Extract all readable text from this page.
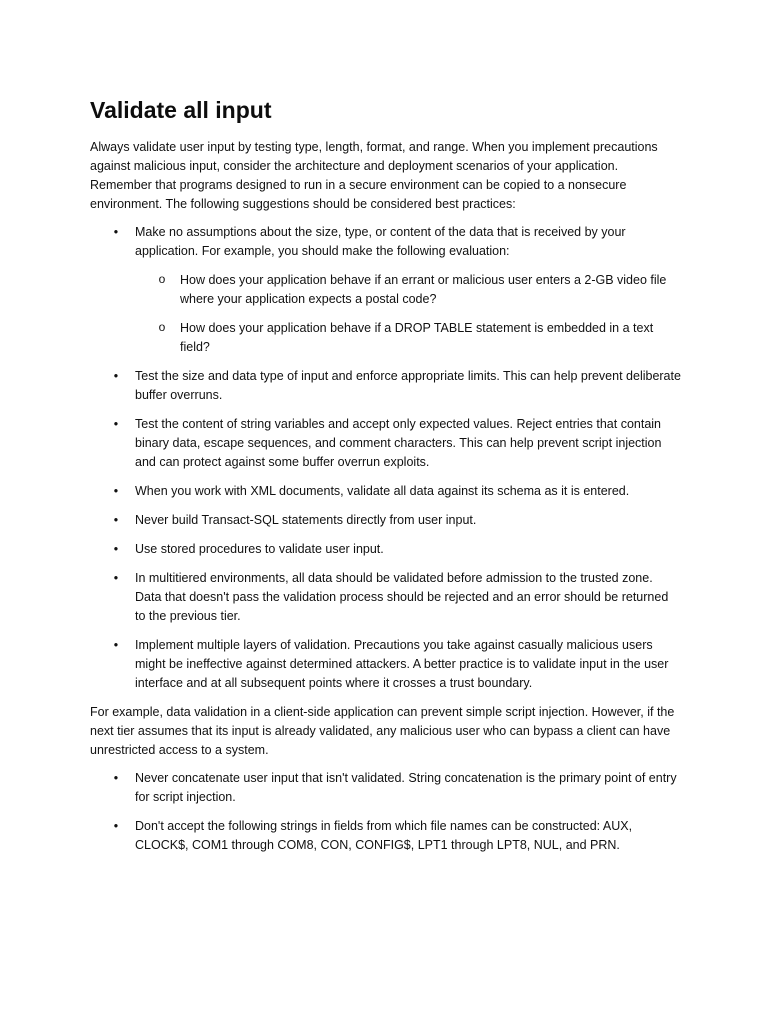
Validate all input

Always validate user input by testing type, length, format, and range. When you implement precautions against malicious input, consider the architecture and deployment scenarios of your application. Remember that programs designed to run in a secure environment can be copied to a nonsecure environment. The following suggestions should be considered best practices:

• Make no assumptions about the size, type, or content of the data that is received by your application. For example, you should make the following evaluation:
o How does your application behave if an errant or malicious user enters a 2-GB video file where your application expects a postal code?
o How does your application behave if a DROP TABLE statement is embedded in a text field?
• Test the size and data type of input and enforce appropriate limits. This can help prevent deliberate buffer overruns.
• Test the content of string variables and accept only expected values. Reject entries that contain binary data, escape sequences, and comment characters. This can help prevent script injection and can protect against some buffer overrun exploits.
• When you work with XML documents, validate all data against its schema as it is entered.
• Never build Transact-SQL statements directly from user input.
• Use stored procedures to validate user input.
• In multitiered environments, all data should be validated before admission to the trusted zone. Data that doesn't pass the validation process should be rejected and an error should be returned to the previous tier.
• Implement multiple layers of validation. Precautions you take against casually malicious users might be ineffective against determined attackers. A better practice is to validate input in the user interface and at all subsequent points where it crosses a trust boundary.

For example, data validation in a client-side application can prevent simple script injection. However, if the next tier assumes that its input is already validated, any malicious user who can bypass a client can have unrestricted access to a system.

• Never concatenate user input that isn't validated. String concatenation is the primary point of entry for script injection.
• Don't accept the following strings in fields from which file names can be constructed: AUX, CLOCK$, COM1 through COM8, CON, CONFIG$, LPT1 through LPT8, NUL, and PRN.
